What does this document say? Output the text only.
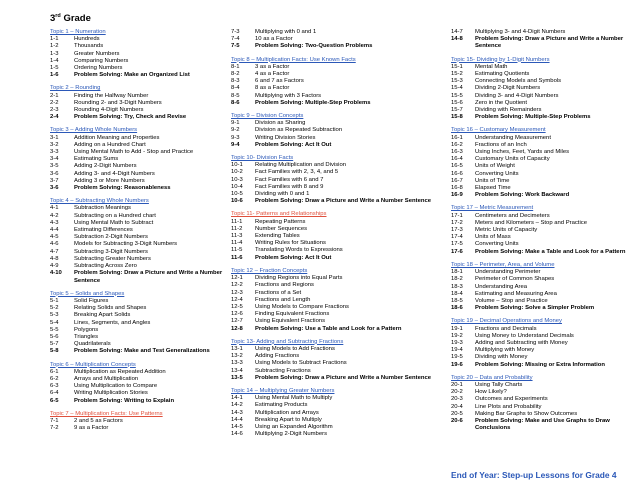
3rd Grade
Topic 1 – Numeration
1-1	Hundreds
1-2	Thousands
1-3	Greater Numbers
1-4	Comparing Numbers
1-5	Ordering Numbers
1-6	Problem Solving: Make an Organized List
Topic 2 – Rounding
2-1	Finding the Halfway Number
2-2	Rounding 2- and 3-Digit Numbers
2-3	Rounding 4-Digit Numbers
2-4	Problem Solving: Try, Check and Revise
Topic 3 – Adding Whole Numbers
3-1	Addition Meaning and Properties
3-2	Adding on a Hundred Chart
3-3	Using Mental Math to Add - Stop and Practice
3-4	Estimating Sums
3-5	Adding 2-Digit Numbers
3-6	Adding 3- and 4-Digit Numbers
3-7	Adding 3 or More Numbers
3-6	Problem Solving: Reasonableness
Topic 4 – Subtracting Whole Numbers
4-1	Subtraction Meanings
4-2	Subtracting on a Hundred chart
4-3	Using Mental Math to Subtract
4-4	Estimating Differences
4-5	Subtraction 2-Digit Numbers
4-6	Models for Subtracting 3-Digit Numbers
4-7	Subtracting 3-Digit Numbers
4-8	Subtracting Greater Numbers
4-9	Subtracting Across Zero
4-10	Problem Solving: Draw a Picture and Write a Number Sentence
Topic 5 – Solids and Shapes
5-1	Solid Figures
5-2	Relating Solids and Shapes
5-3	Breaking Apart Solids
5-4	Lines, Segments, and Angles
5-5	Polygons
5-6	Triangles
5-7	Quadrilaterals
5-8	Problem Solving: Make and Test Generalizations
Topic 6 – Multiplication Concepts
6-1	Multiplication as Repeated Addition
6-2	Arrays and Multiplication
6-3	Using Multiplication to Compare
6-4	Writing Multiplication Stories
6-5	Problem Solving: Writing to Explain
Topic 7 – Multiplication Facts: Use Patterns
7-1	2 and 5 as Factors
7-2	9 as a Factor
7-3	Multiplying with 0 and 1
7-4	10 as a Factor
7-5	Problem Solving: Two-Question Problems
Topic 8 – Multiplication Facts: Use Known Facts
8-1	3 as a Factor
8-2	4 as a Factor
8-3	6 and 7 as Factors
8-4	8 as a Factor
8-5	Multiplying with 3 Factors
8-6	Problem Solving: Multiple-Step Problems
Topic 9 – Division Concepts
9-1	Division as Sharing
9-2	Division as Repeated Subtraction
9-3	Writing Division Stories
9-4	Problem Solving: Act It Out
Topic 10- Division Facts
10-1	Relating Multiplication and Division
10-2	Fact Families with 2, 3, 4, and 5
10-3	Fact Families with 6 and 7
10-4	Fact Families with 8 and 9
10-5	Dividing with 0 and 1
10-6	Problem Solving: Draw a Picture and Write a Number Sentence
Topic 11- Patterns and Relationships
11-1	Repeating Patterns
11-2	Number Sequences
11-3	Extending Tables
11-4	Writing Rules for Situations
11-5	Translating Words to Expressions
11-6	Problem Solving: Act It Out
Topic 12 – Fraction Concepts
12-1	Dividing Regions into Equal Parts
12-2	Fractions and Regions
12-3	Fractions of a Set
12-4	Fractions and Length
12-5	Using Models to Compare Fractions
12-6	Finding Equivalent Fractions
12-7	Using Equivalent Fractions
12-8	Problem Solving: Use a Table and Look for a Pattern
Topic 13- Adding and Subtracting Fractions
13-1	Using Models to Add Fractions
13-2	Adding Fractions
13-3	Using Models to Subtract Fractions
13-4	Subtracting Fractions
13-5	Problem Solving: Draw a Picture and Write a Number Sentence
Topic 14 – Multiplying Greater Numbers
14-1	Using Mental Math to Multiply
14-2	Estimating Products
14-3	Multiplication and Arrays
14-4	Breaking Apart to Multiply
14-5	Using an Expanded Algorithm
14-6	Multiplying 2-Digit Numbers
14-7	Multiplying 3- and 4-Digit Numbers
14-8	Problem Solving: Draw a Picture and Write a Number Sentence
Topic 15- Dividing by 1-Digit Numbers
15-1	Mental Math
15-2	Estimating Quotients
15-3	Connecting Models and Symbols
15-4	Dividing 2-Digit Numbers
15-5	Dividing 3- and 4-Digit Numbers
15-6	Zero in the Quotient
15-7	Dividing with Remainders
15-8	Problem Solving: Multiple-Step Problems
Topic 16 – Customary Measurement
16-1	Understanding Measurement
16-2	Fractions of an Inch
16-3	Using Inches, Feet, Yards and Miles
16-4	Customary Units of Capacity
16-5	Units of Weight
16-6	Converting Units
16-7	Units of Time
16-8	Elapsed Time
16-9	Problem Solving: Work Backward
Topic 17 – Metric Measurement
17-1	Centimeters and Decimeters
17-2	Meters and Kilometers – Stop and Practice
17-3	Metric Units of Capacity
17-4	Units of Mass
17-5	Converting Units
17-6	Problem Solving: Make a Table and Look for a Pattern
Topic 18 – Perimeter, Area, and Volume
18-1	Understanding Perimeter
18-2	Perimeter of Common Shapes
18-3	Understanding Area
18-4	Estimating and Measuring Area
18-5	Volume – Stop and Practice
18-6	Problem Solving: Solve a Simpler Problem
Topic 19 – Decimal Operations and Money
19-1	Fractions and Decimals
19-2	Using Money to Understand Decimals
19-3	Adding and Subtracting with Money
19-4	Multiplying with Money
19-5	Dividing with Money
19-6	Problem Solving: Missing or Extra Information
Topic 20 – Data and Probability
20-1	Using Tally Charts
20-2	How Likely?
20-3	Outcomes and Experiments
20-4	Line Plots and Probability
20-5	Making Bar Graphs to Show Outcomes
20-6	Problem Solving: Make and Use Graphs to Draw Conclusions
End of Year: Step-up Lessons for Grade 4
